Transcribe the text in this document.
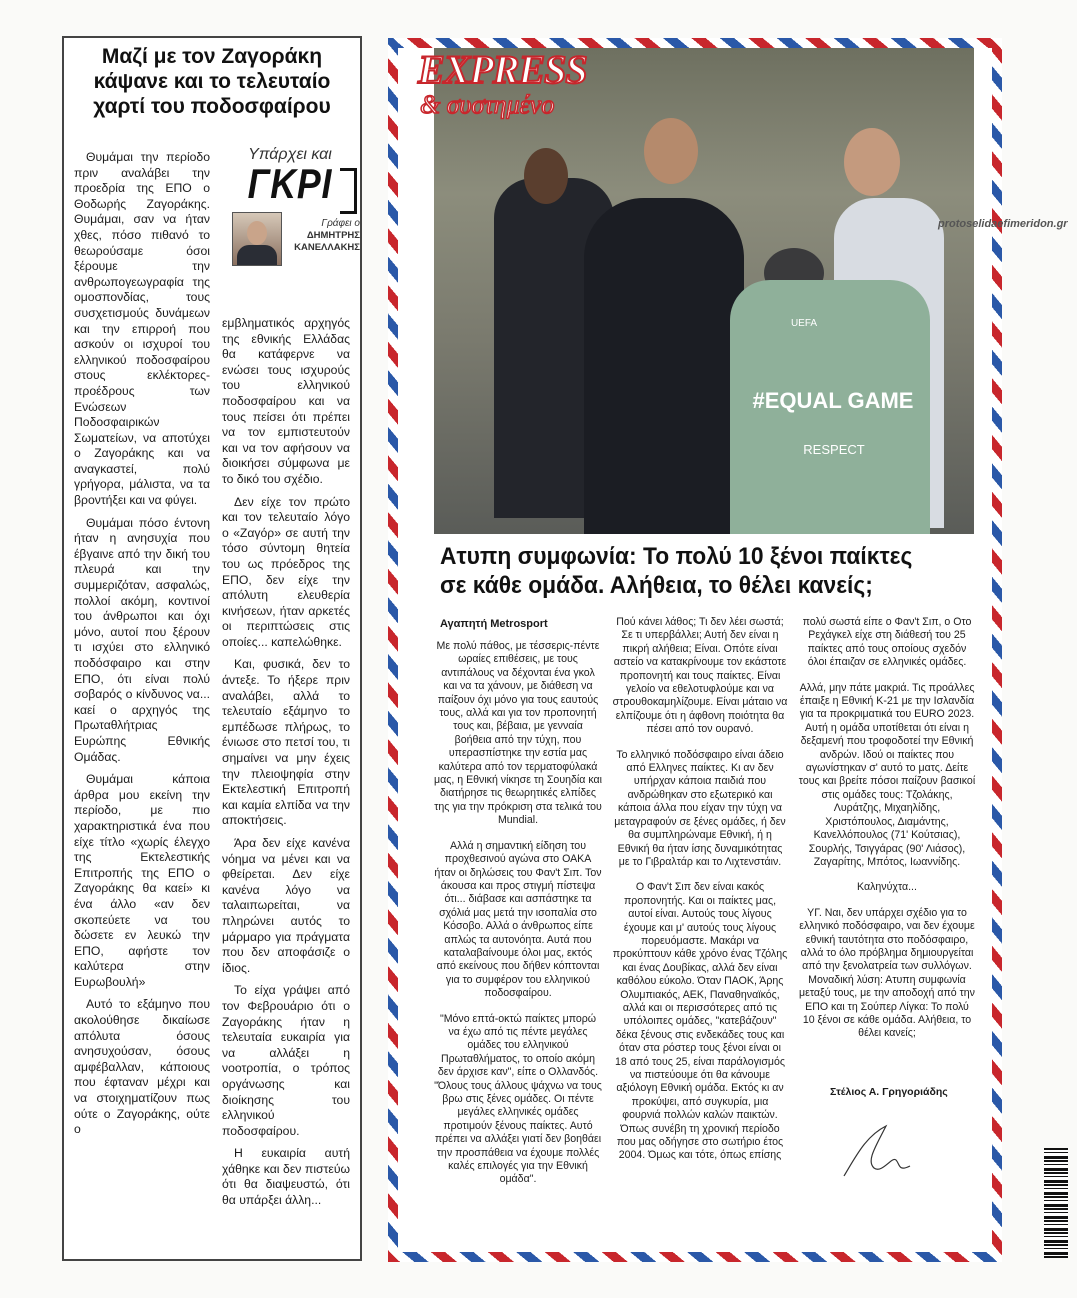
Μαζί με τον Ζαγοράκη
κάψανε και το τελευταίο
χαρτί του ποδοσφαίρου
Υπάρχει και
ΓΚΡΙ
Γράφει ο
ΔΗΜΗΤΡΗΣ
ΚΑΝΕΛΛΑΚΗΣ

Θυμάμαι την περίοδο πριν αναλάβει την προεδρία της ΕΠΟ ο Θοδωρής Ζαγοράκης. Θυμάμαι, σαν να ήταν χθες, πόσο πιθανό το θεωρούσαμε όσοι ξέρουμε την ανθρωπογεωγραφία της ομοσπονδίας, τους συσχετισμούς δυνάμεων και την επιρροή που ασκούν οι ισχυροί του ελληνικού ποδοσφαίρου στους εκλέκτορες-προέδρους των Ενώσεων Ποδοσφαιρικών Σωματείων, να αποτύχει ο Ζαγοράκης και να αναγκαστεί, πολύ γρήγορα, μάλιστα, να τα βροντήξει και να φύγει.

Θυμάμαι πόσο έντονη ήταν η ανησυχία που έβγαινε από την δική του πλευρά και την συμμεριζόταν, ασφαλώς, πολλοί ακόμη, κοντινοί του άνθρωποι και όχι μόνο, αυτοί που ξέρουν τι ισχύει στο ελληνικό ποδόσφαιρο και στην ΕΠΟ, ότι είναι πολύ σοβαρός ο κίνδυνος να... καεί ο αρχηγός της Πρωταθλήτριας Ευρώπης Εθνικής Ομάδας.

Θυμάμαι κάποια άρθρα μου εκείνη την περίοδο, με πιο χαρακτηριστικά ένα που είχε τίτλο «χωρίς έλεγχο της Εκτελεστικής Επιτροπής της ΕΠΟ ο Ζαγοράκης θα καεί» κι ένα άλλο «αν δεν σκοπεύετε να του δώσετε εν λευκώ την ΕΠΟ, αφήστε τον καλύτερα στην Ευρωβουλή»

Αυτό το εξάμηνο που ακολούθησε δικαίωσε απόλυτα όσους ανησυχούσαν, όσους αμφέβαλλαν, κάποιους που έφταναν μέχρι και να στοιχηματίζουν πως ούτε ο Ζαγοράκης, ούτε ο

εμβληματικός αρχηγός της εθνικής Ελλάδας θα κατάφερνε να ενώσει τους ισχυρούς του ελληνικού ποδοσφαίρου και να τους πείσει ότι πρέπει να τον εμπιστευτούν και να τον αφήσουν να διοικήσει σύμφωνα με το δικό του σχέδιο.

Δεν είχε τον πρώτο και τον τελευταίο λόγο ο «Ζαγόρ» σε αυτή την τόσο σύντομη θητεία του ως πρόεδρος της ΕΠΟ, δεν είχε την απόλυτη ελευθερία κινήσεων, ήταν αρκετές οι περιπτώσεις στις οποίες... καπελώθηκε.

Και, φυσικά, δεν το άντεξε. Το ήξερε πριν αναλάβει, αλλά το τελευταίο εξάμηνο το εμπέδωσε πλήρως, το ένιωσε στο πετσί του, τι σημαίνει να μην έχεις την πλειοψηφία στην Εκτελεστική Επιτροπή και καμία ελπίδα να την αποκτήσεις.

Άρα δεν είχε κανένα νόημα να μένει και να φθείρεται. Δεν είχε κανένα λόγο να ταλαιπωρείται, να πληρώνει αυτός το μάρμαρο για πράγματα που δεν αποφάσιζε ο ίδιος.

Το είχα γράψει από τον Φεβρουάριο ότι ο Ζαγοράκης ήταν η τελευταία ευκαιρία για να αλλάξει η νοοτροπία, ο τρόπος οργάνωσης και διοίκησης του ελληνικού ποδοσφαίρου.

Η ευκαιρία αυτή χάθηκε και δεν πιστεύω ότι θα διαψευστώ, ότι θα υπάρξει άλλη...

UEFA
#EQUAL GAME
RESPECT
EXPRESS
& συστημένο
protoselidaefimeridon.gr
Ατυπη συμφωνία: Το πολύ 10 ξένοι παίκτες σε κάθε ομάδα. Αλήθεια, το θέλει κανείς;
Αγαπητή Metrosport

Με πολύ πάθος, με τέσσερις-πέντε ωραίες επιθέσεις, με τους αντιπάλους να δέχονται ένα γκολ και να τα χάνουν, με διάθεση να παίξουν όχι μόνο για τους εαυτούς τους, αλλά και για τον προπονητή τους και, βέβαια, με γενναία βοήθεια από την τύχη, που υπερασπίστηκε την εστία μας καλύτερα από τον τερματοφύλακά μας, η Εθνική νίκησε τη Σουηδία και διατήρησε τις θεωρητικές ελπίδες της για την πρόκριση στα τελικά του Mundial.

Αλλά η σημαντική είδηση του προχθεσινού αγώνα στο ΟΑΚΑ ήταν οι δηλώσεις του Φαν't Σιπ. Τον άκουσα και προς στιγμή πίστεψα ότι... διάβασε και ασπάστηκε τα σχόλιά μας μετά την ισοπαλία στο Κόσοβο. Αλλά ο άνθρωπος είπε απλώς τα αυτονόητα. Αυτά που καταλαβαίνουμε όλοι μας, εκτός από εκείνους που δήθεν κόπτονται για το συμφέρον του ελληνικού ποδοσφαίρου.

"Μόνο επτά-οκτώ παίκτες μπορώ να έχω από τις πέντε μεγάλες ομάδες του ελληνικού Πρωταθλήματος, το οποίο ακόμη δεν άρχισε καν", είπε ο Ολλανδός. "Όλους τους άλλους ψάχνω να τους βρω στις ξένες ομάδες. Οι πέντε μεγάλες ελληνικές ομάδες προτιμούν ξένους παίκτες. Αυτό πρέπει να αλλάξει γιατί δεν βοηθάει την προσπάθεια να έχουμε πολλές καλές επιλογές για την Εθνική ομάδα".

Πού κάνει λάθος; Τι δεν λέει σωστά; Σε τι υπερβάλλει; Αυτή δεν είναι η πικρή αλήθεια; Είναι. Οπότε είναι αστείο να κατακρίνουμε τον εκάστοτε προπονητή και τους παίκτες. Είναι γελοίο να εθελοτυφλούμε και να στρουθοκαμηλίζουμε. Είναι μάταιο να ελπίζουμε ότι η άφθονη ποιότητα θα πέσει από τον ουρανό.

Το ελληνικό ποδόσφαιρο είναι άδειο από Ελληνες παίκτες. Κι αν δεν υπήρχαν κάποια παιδιά που ανδρώθηκαν στο εξωτερικό και κάποια άλλα που είχαν την τύχη να μεταγραφούν σε ξένες ομάδες, ή δεν θα συμπληρώναμε Εθνική, ή η Εθνική θα ήταν ίσης δυναμικότητας με το Γιβραλτάρ και το Λιχτενστάιν.

Ο Φαν't Σιπ δεν είναι κακός προπονητής. Και οι παίκτες μας, αυτοί είναι. Αυτούς τους λίγους έχουμε και μ' αυτούς τους λίγους πορευόμαστε. Μακάρι να προκύπτουν κάθε χρόνο ένας Τζόλης και ένας Δουβίκας, αλλά δεν είναι καθόλου εύκολο. Όταν ΠΑΟΚ, Άρης Ολυμπιακός, ΑΕΚ, Παναθηναϊκός, αλλά και οι περισσότερες από τις υπόλοιπες ομάδες, "κατεβάζουν" δέκα ξένους στις ενδεκάδες τους και όταν στα ρόστερ τους ξένοι είναι οι 18 από τους 25, είναι παράλογισμός να πιστεύουμε ότι θα κάνουμε αξιόλογη Εθνική ομάδα. Εκτός κι αν προκύψει, από συγκυρία, μια φουρνιά πολλών καλών παικτών. Όπως συνέβη τη χρονική περίοδο που μας οδήγησε στο σωτήριο έτος 2004. Όμως και τότε, όπως επίσης

πολύ σωστά είπε ο Φαν't Σιπ, ο Οτο Ρεχάγκελ είχε στη διάθεσή του 25 παίκτες από τους οποίους σχεδόν όλοι έπαιζαν σε ελληνικές ομάδες.

Αλλά, μην πάτε μακριά. Τις προάλλες έπαιξε η Εθνική Κ-21 με την Ισλανδία για τα προκριματικά του EURO 2023. Αυτή η ομάδα υποτίθεται ότι είναι η δεξαμενή που τροφοδοτεί την Εθνική ανδρών. Ιδού οι παίκτες που αγωνίστηκαν σ' αυτό το ματς. Δείτε τους και βρείτε πόσοι παίζουν βασικοί στις ομάδες τους: Τζολάκης, Λυράτζης, Μιχαηλίδης, Χριστόπουλος, Διαμάντης, Κανελλόπουλος (71' Κούτσιας), Σουρλής, Τσιγγάρας (90' Λιάσος), Ζαγαρίτης, Μπότος, Ιωαννίδης.

Καληνύχτα...

ΥΓ. Ναι, δεν υπάρχει σχέδιο για το ελληνικό ποδόσφαιρο, ναι δεν έχουμε εθνική ταυτότητα στο ποδόσφαιρο, αλλά το όλο πρόβλημα δημιουργείται από την ξενολατρεία των συλλόγων. Μοναδική λύση: Ατυπη συμφωνία μεταξύ τους, με την αποδοχή από την ΕΠΟ και τη Σούπερ Λίγκα: Το πολύ 10 ξένοι σε κάθε ομάδα. Αλήθεια, το θέλει κανείς;

Στέλιος Α. Γρηγοριάδης
